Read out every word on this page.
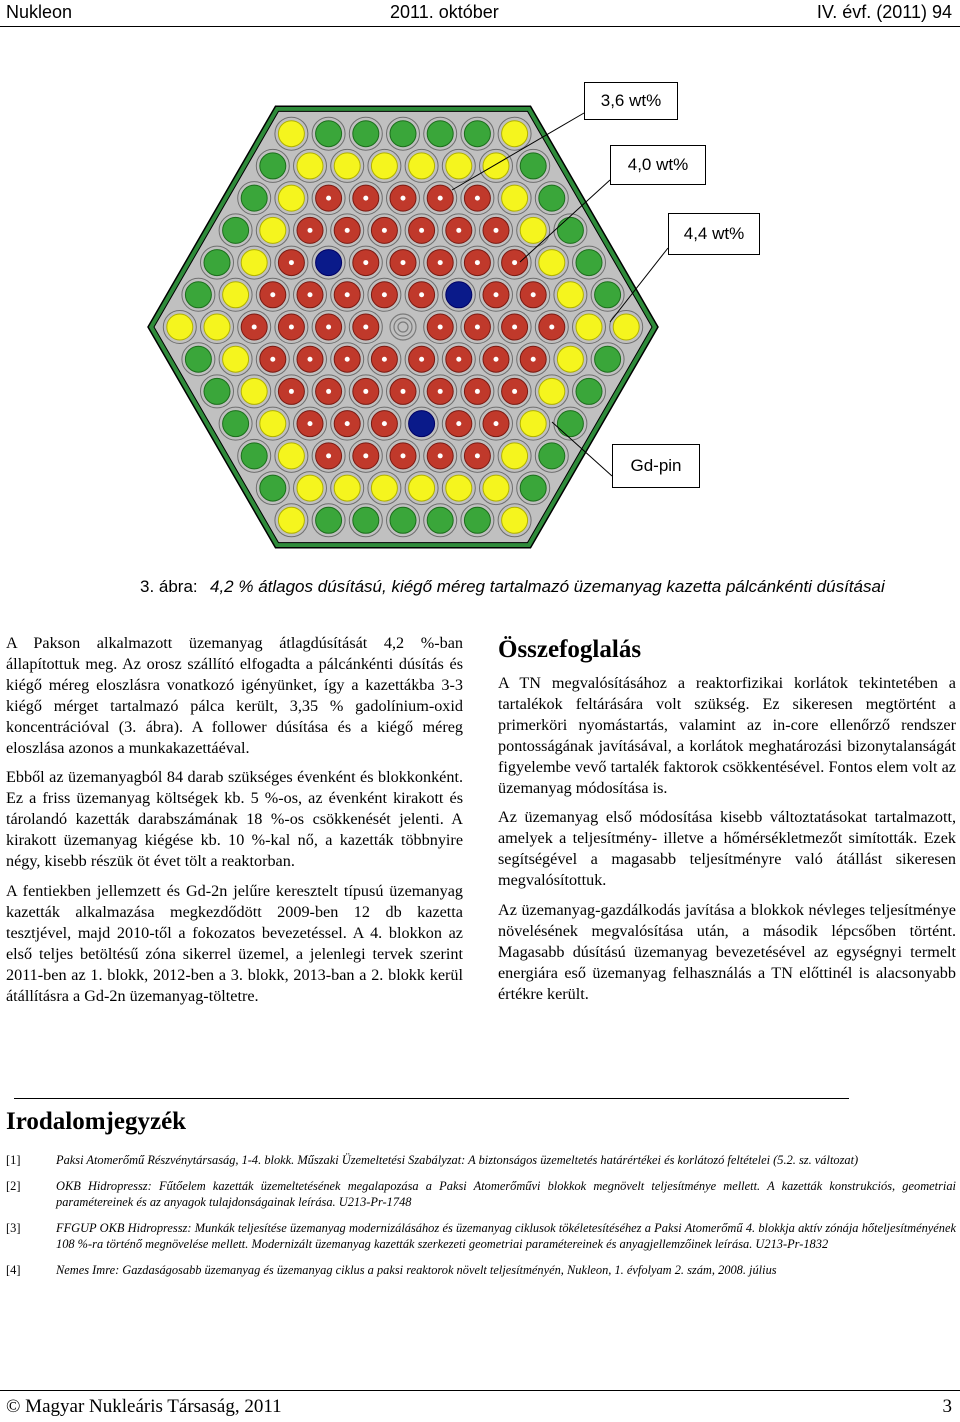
Nukleon	2011. október	IV. évf. (2011) 94
3,6 wt%
4,0 wt%
4,4 wt%
Gd-pin
3. ábra: 4,2 % átlagos dúsítású, kiégő méreg tartalmazó üzemanyag kazetta pálcánkénti dúsításai

A Pakson alkalmazott üzemanyag átlagdúsítását 4,2 %-ban állapítottuk meg. Az orosz szállító elfogadta a pálcánkénti dúsítás és kiégő méreg eloszlásra vonatkozó igényünket, így a kazettákba 3-3 kiégő mérget tartalmazó pálca került, 3,35 % gadolínium-oxid koncentrációval (3. ábra). A follower dúsítása és a kiégő méreg eloszlása azonos a munkakazettáéval.

Ebből az üzemanyagból 84 darab szükséges évenként és blokkonként. Ez a friss üzemanyag költségek kb. 5 %-os, az évenként kirakott és tárolandó kazetták darabszámának 18 %-os csökkenését jelenti. A kirakott üzemanyag kiégése kb. 10 %-kal nő, a kazetták többnyire négy, kisebb részük öt évet tölt a reaktorban.

A fentiekben jellemzett és Gd-2n jelűre keresztelt típusú üzemanyag kazetták alkalmazása megkezdődött 2009-ben 12 db kazetta tesztjével, majd 2010-től a fokozatos bevezetéssel. A 4. blokkon az első teljes betöltésű zóna sikerrel üzemel, a jelenlegi tervek szerint 2011-ben az 1. blokk, 2012-ben a 3. blokk, 2013-ban a 2. blokk kerül átállításra a Gd-2n üzemanyag-töltetre.

Összefoglalás

A TN megvalósításához a reaktorfizikai korlátok tekintetében a tartalékok feltárására volt szükség. Ez sikeresen megtörtént a primerköri nyomástartás, valamint az in-core ellenőrző rendszer pontosságának javításával, a korlátok meghatározási bizonytalanságát figyelembe vevő tartalék faktorok csökkentésével. Fontos elem volt az üzemanyag módosítása is.

Az üzemanyag első módosítása kisebb változtatásokat tartalmazott, amelyek a teljesítmény- illetve a hőmérsékletmezőt simították. Ezek segítségével a magasabb teljesítményre való átállást sikeresen megvalósítottuk.

Az üzemanyag-gazdálkodás javítása a blokkok névleges teljesítménye növelésének megvalósítása után, a második lépcsőben történt. Magasabb dúsítású üzemanyag bevezetésével az egységnyi termelt energiára eső üzemanyag felhasználás a TN előttinél is alacsonyabb értékre került.

Irodalomjegyzék
[1]	Paksi Atomerőmű Részvénytársaság, 1-4. blokk. Műszaki Üzemeltetési Szabályzat: A biztonságos üzemeltetés határértékei és korlátozó feltételei (5.2. sz. változat)
[2]	OKB Hidropressz: Fűtőelem kazetták üzemeltetésének megalapozása a Paksi Atomerőművi blokkok megnövelt teljesítménye mellett. A kazetták konstrukciós, geometriai paramétereinek és az anyagok tulajdonságainak leírása. U213-Pr-1748
[3]	FFGUP OKB Hidropressz: Munkák teljesítése üzemanyag modernizálásához és üzemanyag ciklusok tökéletesítéséhez a Paksi Atomerőmű 4. blokkja aktív zónája hőteljesítményének 108 %-ra történő megnövelése mellett. Modernizált üzemanyag kazetták szerkezeti geometriai paramétereinek és anyagjellemzőinek leírása. U213-Pr-1832
[4]	Nemes Imre: Gazdaságosabb üzemanyag és üzemanyag ciklus a paksi reaktorok növelt teljesítményén, Nukleon, 1. évfolyam 2. szám, 2008. július
© Magyar Nukleáris Társaság, 2011	3
